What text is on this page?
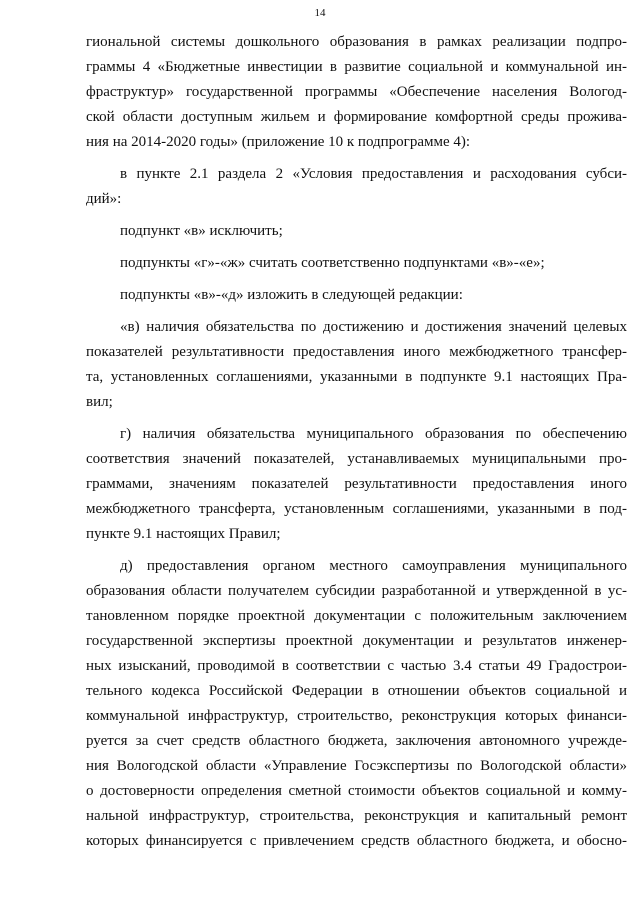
14
гиональной системы дошкольного образования в рамках реализации подпро-
граммы 4 «Бюджетные инвестиции в развитие социальной и коммунальной ин-
фраструктур» государственной программы «Обеспечение населения Вологод-
ской области доступным жильем и формирование комфортной среды прожива-
ния на 2014-2020 годы» (приложение 10 к подпрограмме 4):
в пункте 2.1 раздела 2 «Условия предоставления и расходования субси-
дий»:
подпункт «в» исключить;
подпункты «г»-«ж» считать соответственно подпунктами «в»-«е»;
подпункты «в»-«д» изложить в следующей редакции:
«в) наличия обязательства по достижению и достижения значений целевых
показателей результативности предоставления иного межбюджетного трансфер-
та, установленных соглашениями, указанными в подпункте 9.1 настоящих Пра-
вил;
г) наличия обязательства муниципального образования по обеспечению
соответствия значений показателей, устанавливаемых муниципальными про-
граммами, значениям показателей результативности предоставления иного
межбюджетного трансферта, установленным соглашениями, указанными в под-
пункте 9.1 настоящих Правил;
д) предоставления органом местного самоуправления муниципального
образования области получателем субсидии разработанной и утвержденной в ус-
тановленном порядке проектной документации с положительным заключением
государственной экспертизы проектной документации и результатов инженер-
ных изысканий, проводимой в соответствии с частью 3.4 статьи 49 Градострои-
тельного кодекса Российской Федерации в отношении объектов социальной и
коммунальной инфраструктур, строительство, реконструкция которых финанси-
руется за счет средств областного бюджета, заключения автономного учрежде-
ния Вологодской области «Управление Госэкспертизы по Вологодской области»
о достоверности определения сметной стоимости объектов социальной и комму-
нальной инфраструктур, строительства, реконструкция и капитальный ремонт
которых финансируется с привлечением средств областного бюджета, и обосно-
